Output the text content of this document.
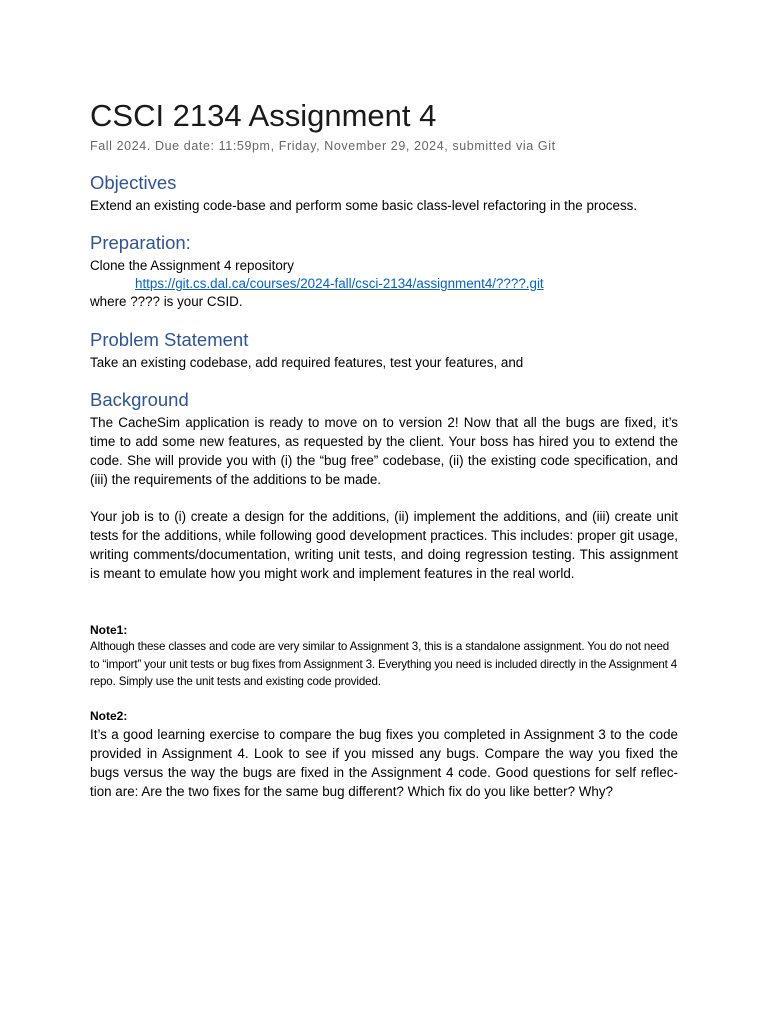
CSCI 2134 Assignment 4
Fall 2024. Due date: 11:59pm, Friday, November 29, 2024, submitted via Git
Objectives
Extend an existing code-base and perform some basic class-level refactoring in the process.
Preparation:
Clone the Assignment 4 repository
https://git.cs.dal.ca/courses/2024-fall/csci-2134/assignment4/????.git
where ???? is your CSID.
Problem Statement
Take an existing codebase, add required features, test your features, and
Background

The CacheSim application is ready to move on to version 2! Now that all the bugs are fixed, it’s time to add some new features, as requested by the client. Your boss has hired you to extend the code. She will provide you with (i) the “bug free” codebase, (ii) the existing code specification, and (iii) the requirements of the additions to be made.

Your job is to (i) create a design for the additions, (ii) implement the additions, and (iii) create unit tests for the additions, while following good development practices. This includes: proper git usage, writing comments/documentation, writing unit tests, and doing regression testing. This assignment is meant to emulate how you might work and implement features in the real world.

Note1:

Although these classes and code are very similar to Assignment 3, this is a standalone assignment. You do not need to “import” your unit tests or bug fixes from Assignment 3. Everything you need is included directly in the Assignment 4 repo. Simply use the unit tests and existing code provided.

Note2:

It’s a good learning exercise to compare the bug fixes you completed in Assignment 3 to the code provided in Assignment 4. Look to see if you missed any bugs. Compare the way you fixed the bugs versus the way the bugs are fixed in the Assignment 4 code. Good questions for self reflec-tion are: Are the two fixes for the same bug different? Which fix do you like better? Why?
